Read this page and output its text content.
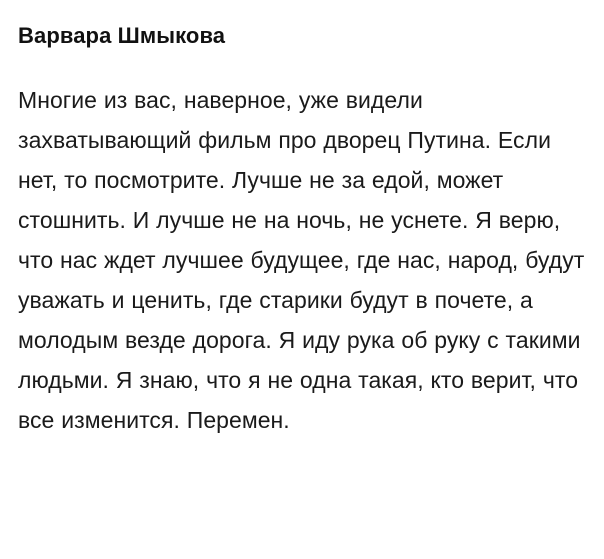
Варвара Шмыкова

Многие из вас, наверное, уже видели захватывающий фильм про дворец Путина. Если нет, то посмотрите. Лучше не за едой, может стошнить. И лучше не на ночь, не уснете. Я верю, что нас ждет лучшее будущее, где нас, народ, будут уважать и ценить, где старики будут в почете, а молодым везде дорога. Я иду рука об руку с такими людьми. Я знаю, что я не одна такая, кто верит, что все изменится. Перемен.
